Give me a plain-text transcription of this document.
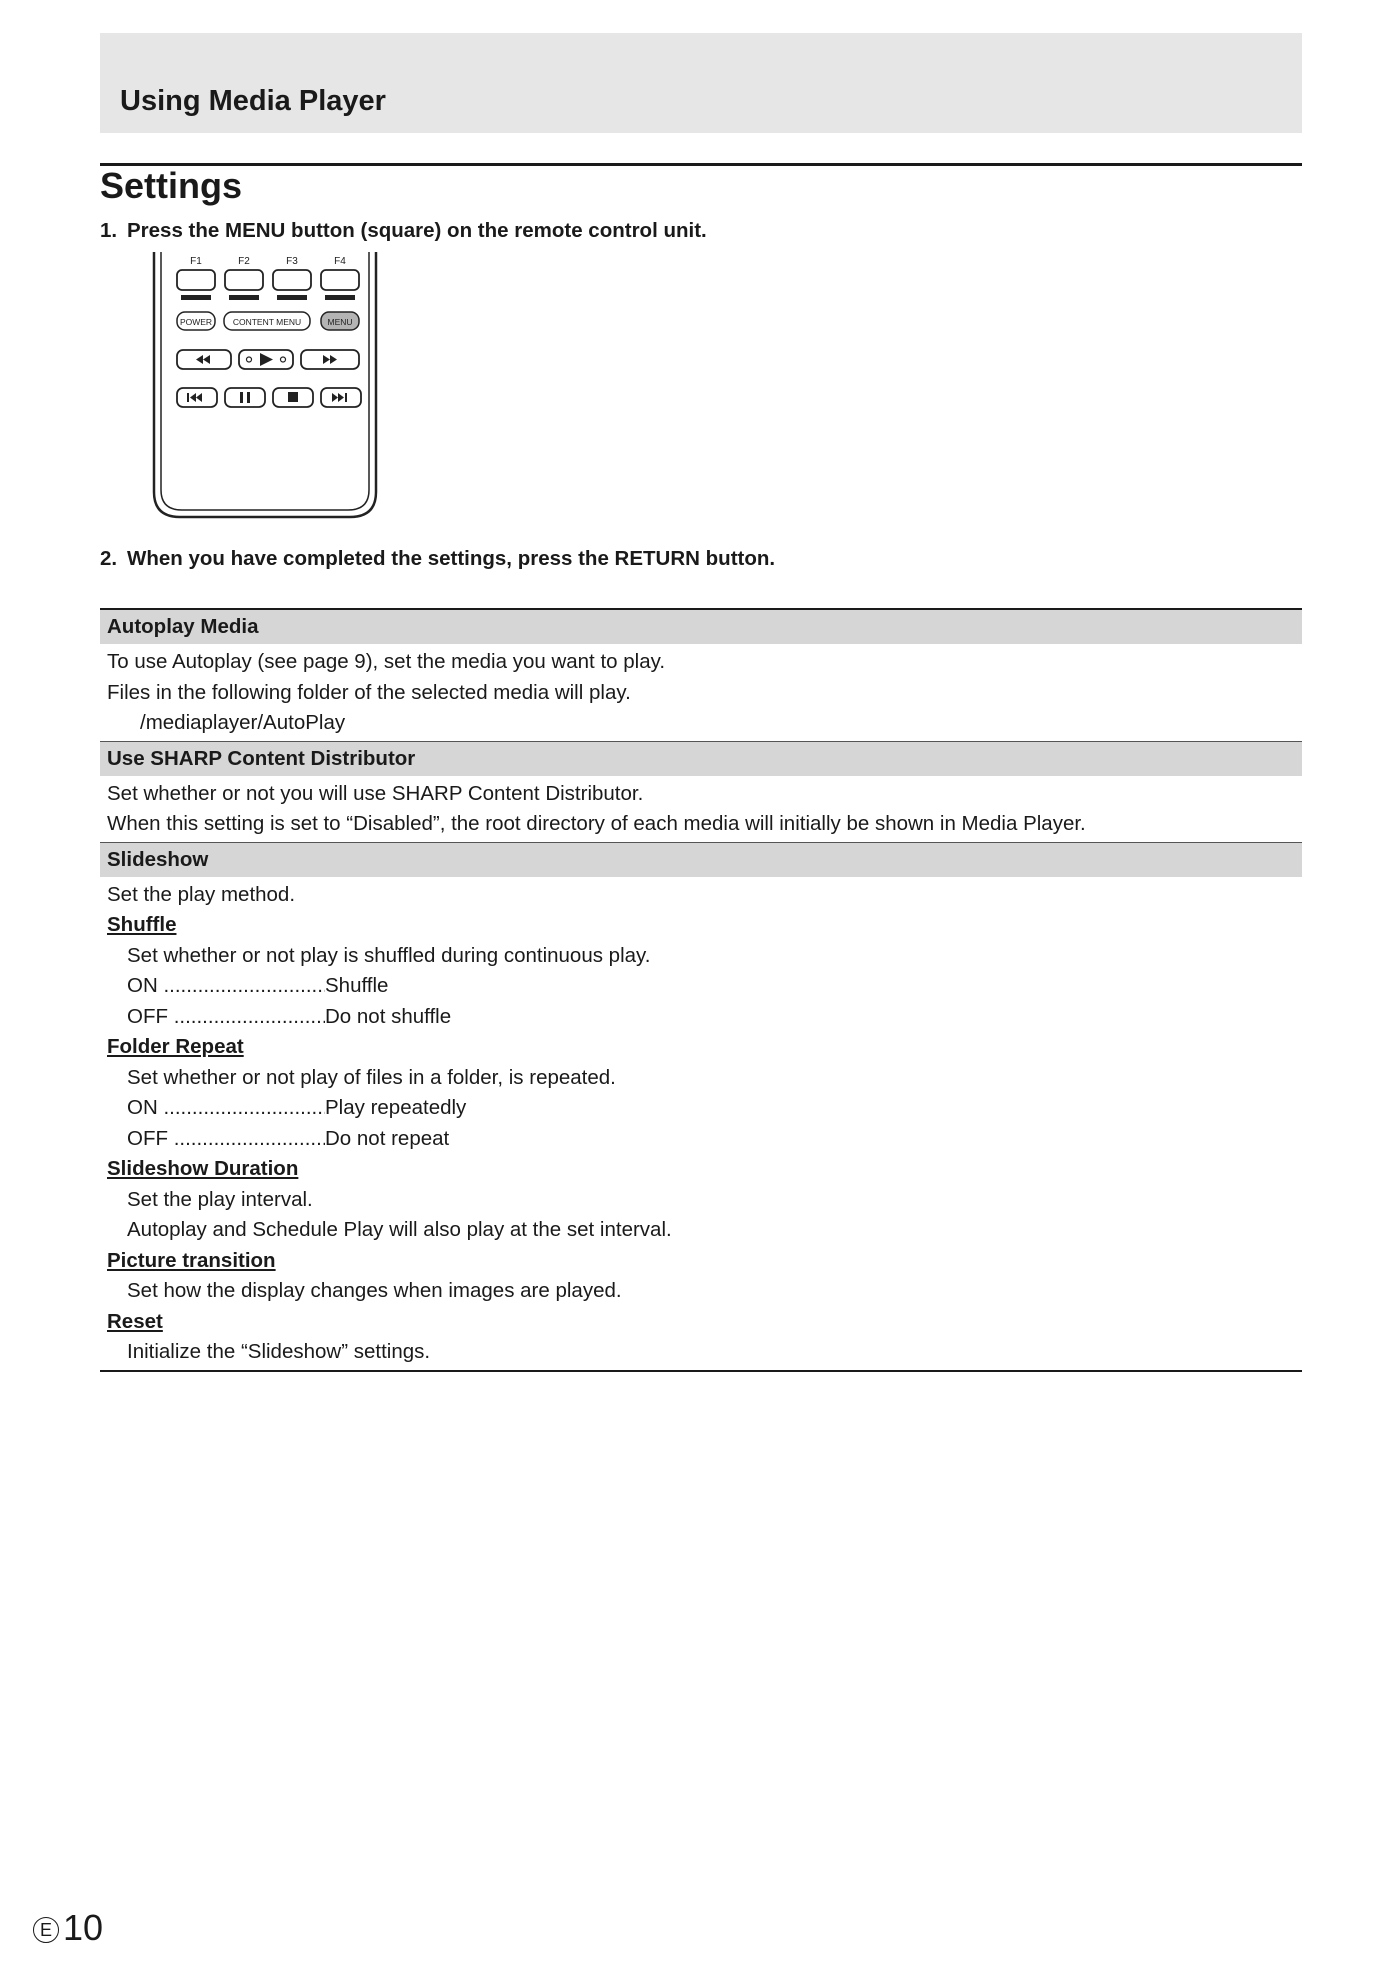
Using Media Player
Settings
1. Press the MENU button (square) on the remote control unit.
F1	F2	F3	F4
POWER CONTENT MENU	MENU
2. When you have completed the settings, press the RETURN button.
Autoplay Media
To use Autoplay (see page 9), set the media you want to play.
Files in the following folder of the selected media will play.
/mediaplayer/AutoPlay
Use SHARP Content Distributor
Set whether or not you will use SHARP Content Distributor.
When this setting is set to “Disabled”, the root directory of each media will initially be shown in Media Player.
Slideshow
Set the play method.
Shuffle
Set whether or not play is shuffled during continuous play.
ON .....	Shuffle
OFF .....	Do not shuffle
Folder Repeat
Set whether or not play of files in a folder, is repeated.
ON .....	Play repeatedly
OFF .....	Do not repeat
Slideshow Duration
Set the play interval.
Autoplay and Schedule Play will also play at the set interval.
Picture transition
Set how the display changes when images are played.
Reset
Initialize the “Slideshow” settings.
E 10
